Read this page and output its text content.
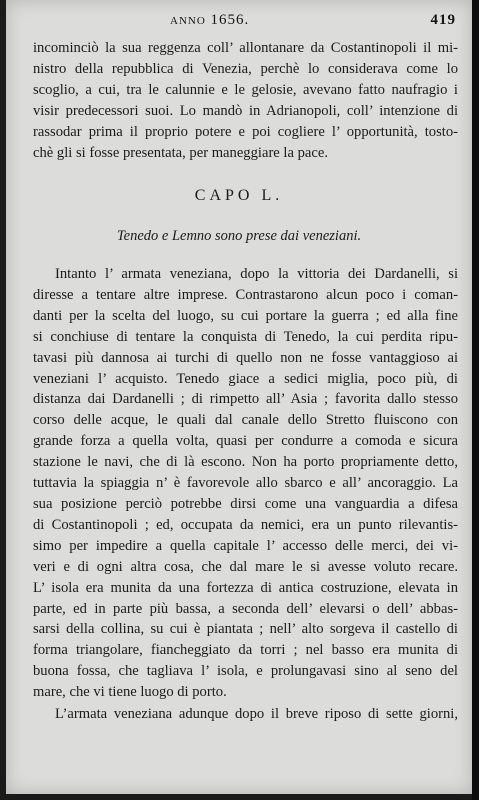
anno 1656.	419
incominciò la sua reggenza coll’ allontanare da Costantinopoli il mi-
nistro della repubblica di Venezia, perchè lo considerava come lo
scoglio, a cui, tra le calunnie e le gelosie, avevano fatto naufragio i
visir predecessori suoi. Lo mandò in Adrianopoli, coll’ intenzione di
rassodar prima il proprio potere e poi cogliere l’ opportunità, tosto-
chè gli si fosse presentata, per maneggiare la pace.
CAPO L.
Tenedo e Lemno sono prese dai veneziani.
Intanto l’ armata veneziana, dopo la vittoria dei Dardanelli, si
diresse a tentare altre imprese. Contrastarono alcun poco i coman-
danti per la scelta del luogo, su cui portare la guerra ; ed alla fine
si conchiuse di tentare la conquista di Tenedo, la cui perdita ripu-
tavasi più dannosa ai turchi di quello non ne fosse vantaggioso ai
veneziani l’ acquisto. Tenedo giace a sedici miglia, poco più, di
distanza dai Dardanelli ; di rimpetto all’ Asia ; favorita dallo stesso
corso delle acque, le quali dal canale dello Stretto fluiscono con
grande forza a quella volta, quasi per condurre a comoda e sicura
stazione le navi, che di là escono. Non ha porto propriamente detto,
tuttavia la spiaggia n’ è favorevole allo sbarco e all’ ancoraggio. La
sua posizione perciò potrebbe dirsi come una vanguardia a difesa
di Costantinopoli ; ed, occupata da nemici, era un punto rilevantis-
simo per impedire a quella capitale l’ accesso delle merci, dei vi-
veri e di ogni altra cosa, che dal mare le si avesse voluto recare.
L’ isola era munita da una fortezza di antica costruzione, elevata in
parte, ed in parte più bassa, a seconda dell’ elevarsi o dell’ abbas-
sarsi della collina, su cui è piantata ; nell’ alto sorgeva il castello di
forma triangolare, fiancheggiato da torri ; nel basso era munita di
buona fossa, che tagliava l’ isola, e prolungavasi sino al seno del
mare, che vi tiene luogo di porto.
L’armata veneziana adunque dopo il breve riposo di sette giorni,
